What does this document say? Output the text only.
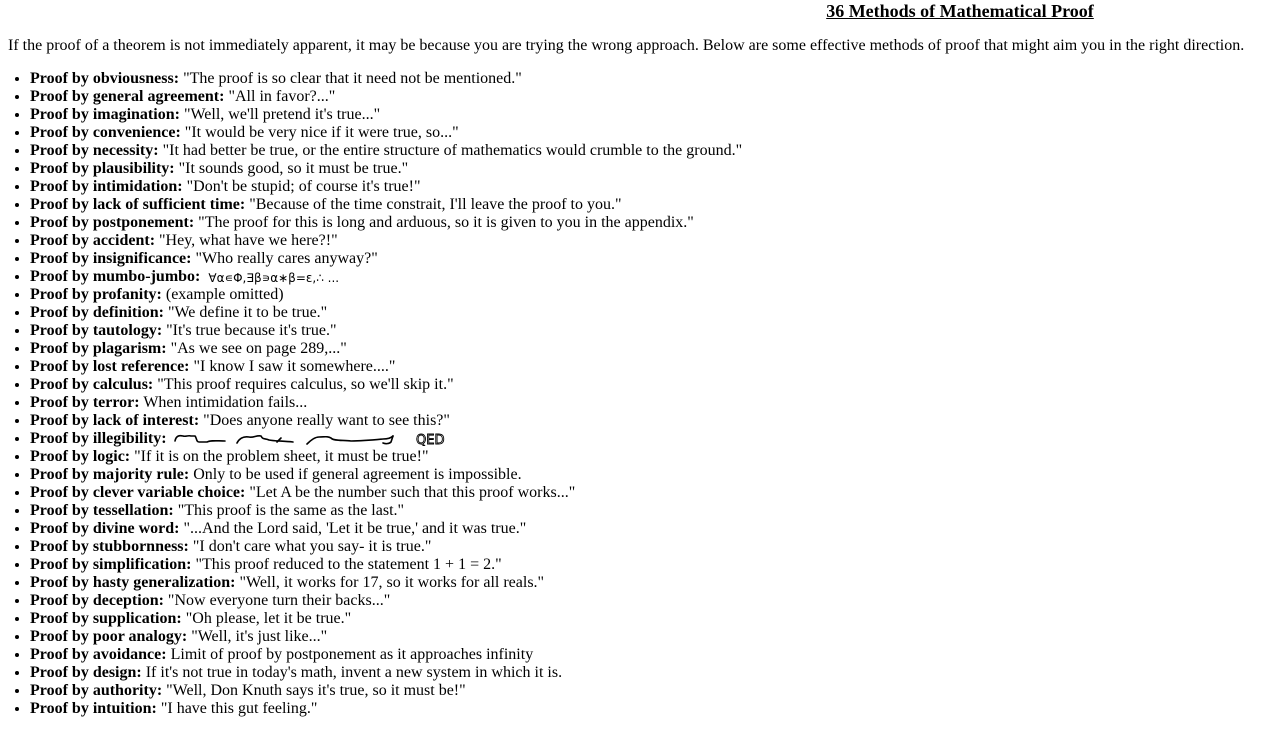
36 Methods of Mathematical Proof

If the proof of a theorem is not immediately apparent, it may be because you are trying the wrong approach. Below are some effective methods of proof that might aim you in the right direction.

• Proof by obviousness: "The proof is so clear that it need not be mentioned."
• Proof by general agreement: "All in favor?..."
• Proof by imagination: "Well, we'll pretend it's true..."
• Proof by convenience: "It would be very nice if it were true, so..."
• Proof by necessity: "It had better be true, or the entire structure of mathematics would crumble to the ground."
• Proof by plausibility: "It sounds good, so it must be true."
• Proof by intimidation: "Don't be stupid; of course it's true!"
• Proof by lack of sufficient time: "Because of the time constrait, I'll leave the proof to you."
• Proof by postponement: "The proof for this is long and arduous, so it is given to you in the appendix."
• Proof by accident: "Hey, what have we here?!"
• Proof by insignificance: "Who really cares anyway?"
• Proof by mumbo-jumbo: ∀α∊Φ,∃β∍α∗β=ε,∴ ...
• Proof by profanity: (example omitted)
• Proof by definition: "We define it to be true."
• Proof by tautology: "It's true because it's true."
• Proof by plagarism: "As we see on page 289,..."
• Proof by lost reference: "I know I saw it somewhere...."
• Proof by calculus: "This proof requires calculus, so we'll skip it."
• Proof by terror: When intimidation fails...
• Proof by lack of interest: "Does anyone really want to see this?"
• Proof by illegibility:	QED
• Proof by logic: "If it is on the problem sheet, it must be true!"
• Proof by majority rule: Only to be used if general agreement is impossible.
• Proof by clever variable choice: "Let A be the number such that this proof works..."
• Proof by tessellation: "This proof is the same as the last."
• Proof by divine word: "...And the Lord said, 'Let it be true,' and it was true."
• Proof by stubbornness: "I don't care what you say- it is true."
• Proof by simplification: "This proof reduced to the statement 1 + 1 = 2."
• Proof by hasty generalization: "Well, it works for 17, so it works for all reals."
• Proof by deception: "Now everyone turn their backs..."
• Proof by supplication: "Oh please, let it be true."
• Proof by poor analogy: "Well, it's just like..."
• Proof by avoidance: Limit of proof by postponement as it approaches infinity
• Proof by design: If it's not true in today's math, invent a new system in which it is.
• Proof by authority: "Well, Don Knuth says it's true, so it must be!"
• Proof by intuition: "I have this gut feeling."
